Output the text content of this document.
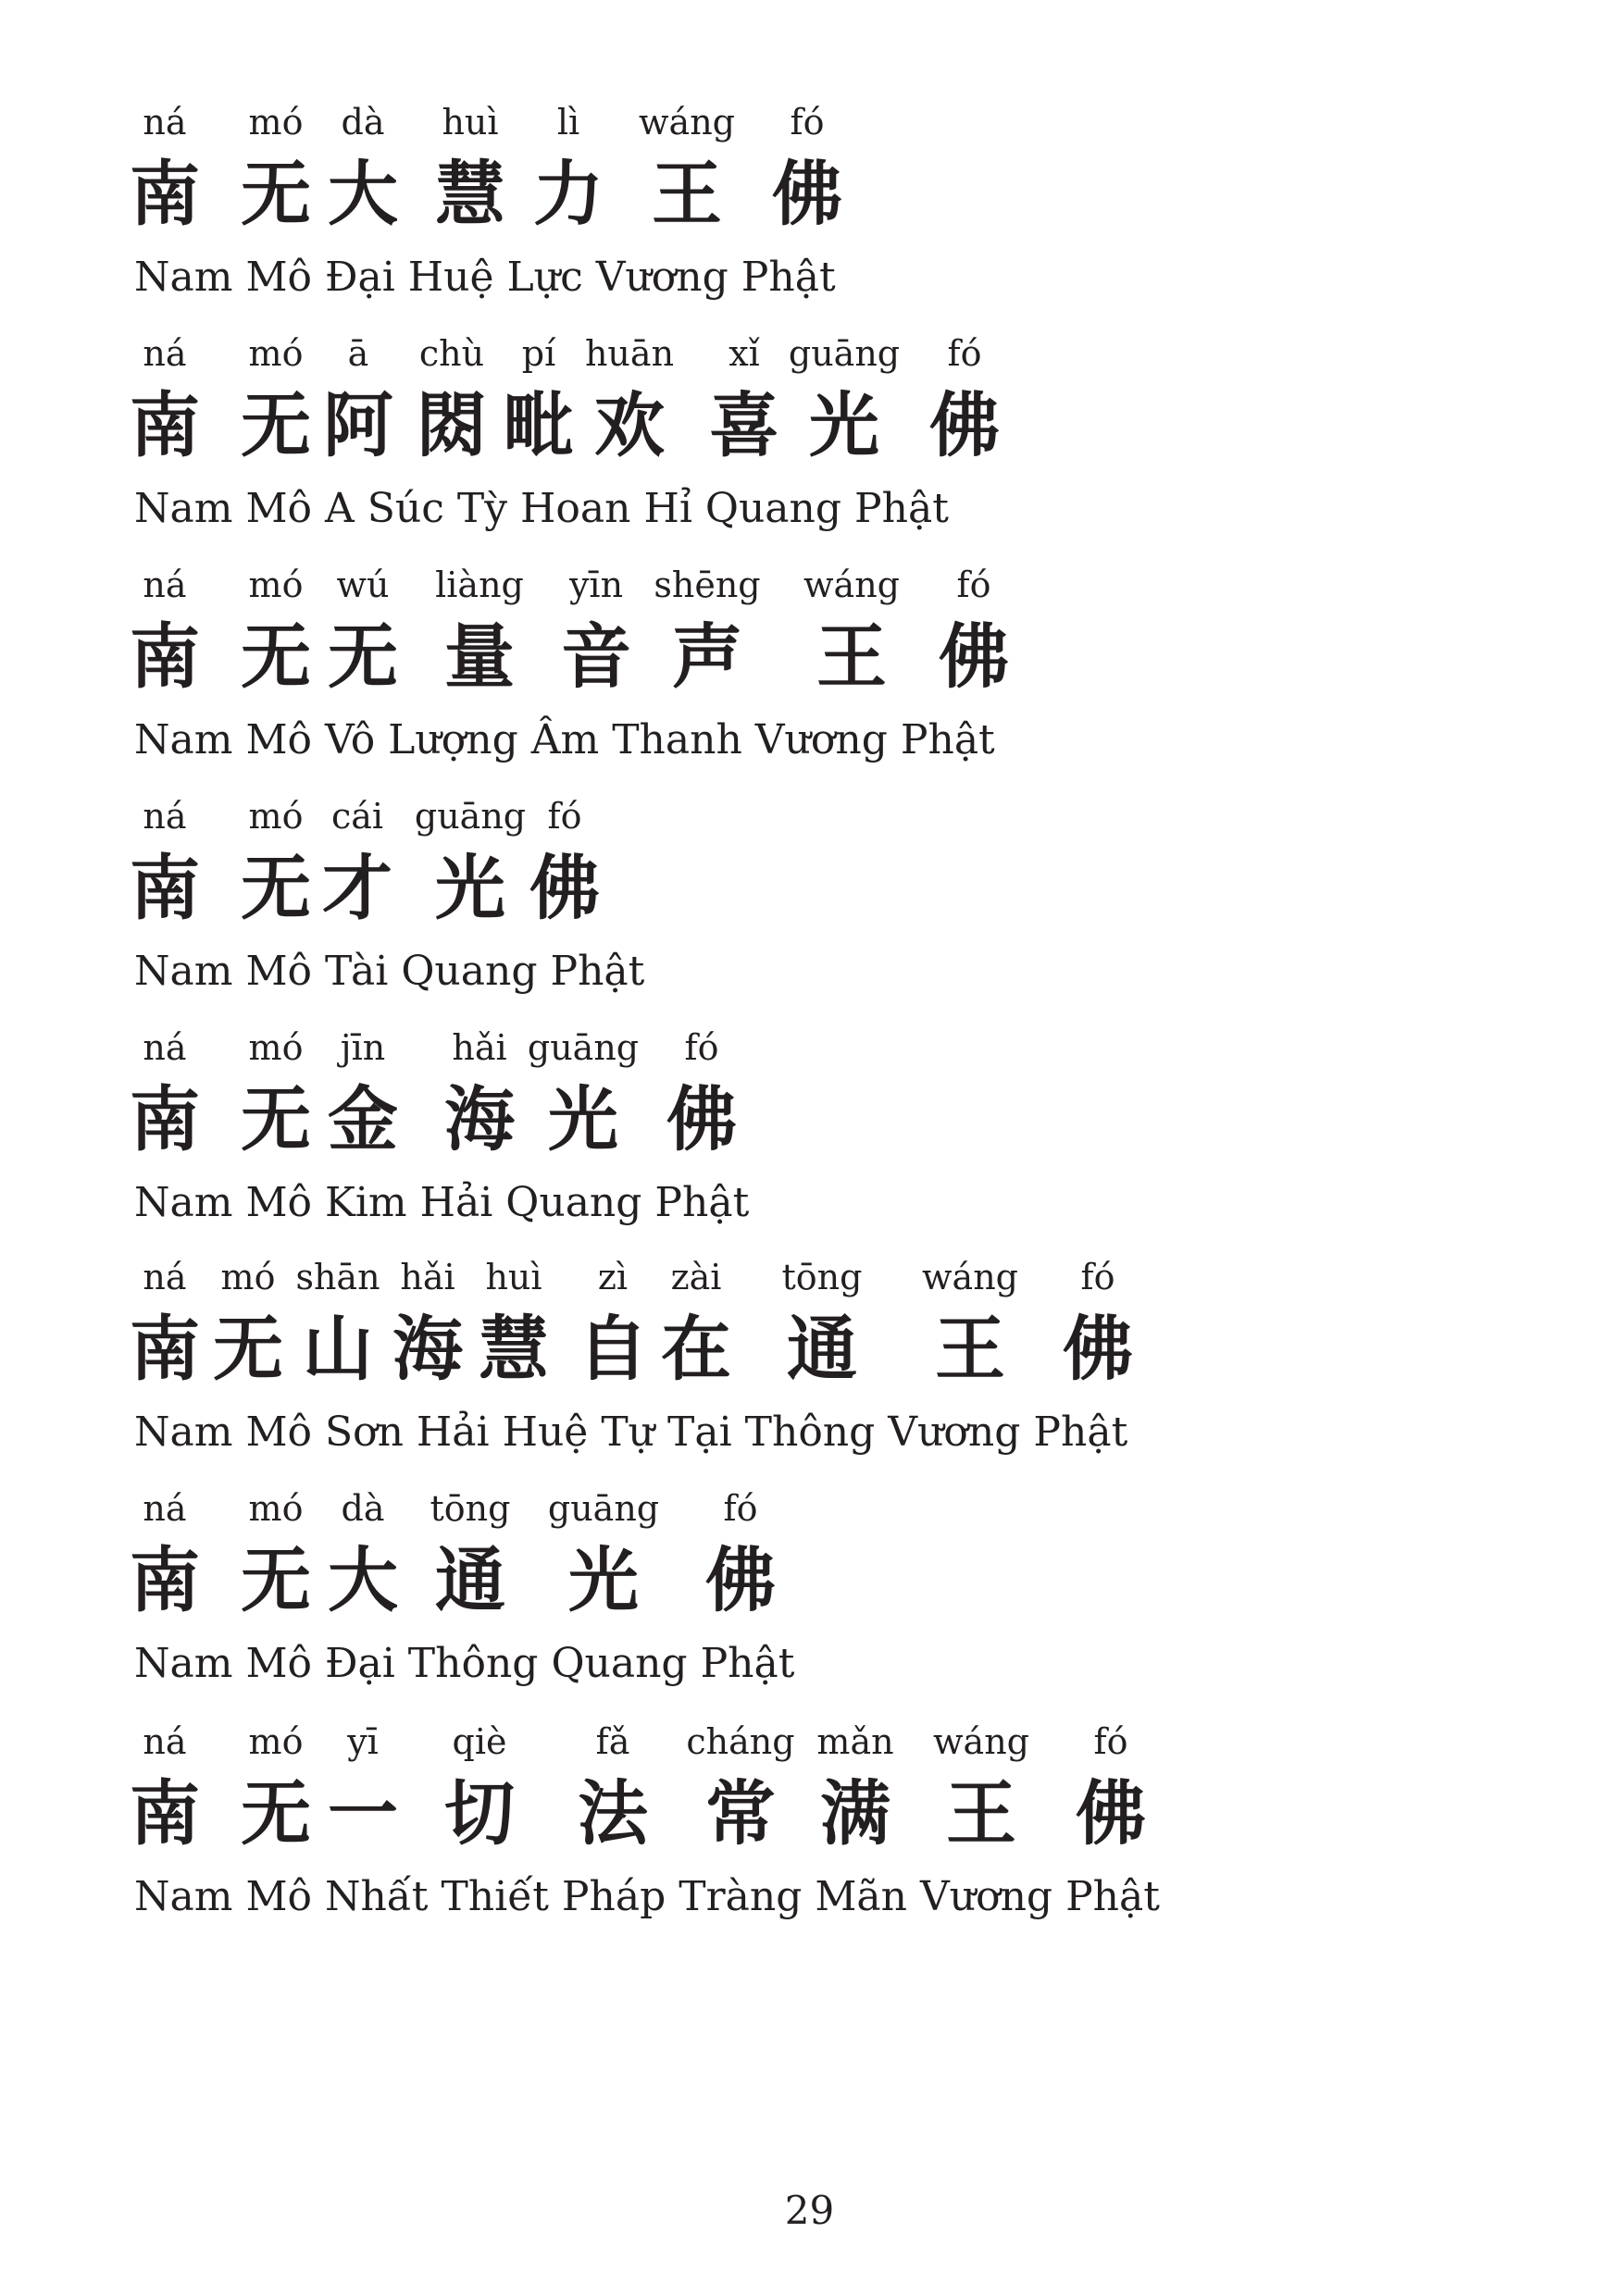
ná mó dà huì lì wáng fó
南 无 大 慧 力 王 佛
Nam Mô Đại Huệ Lực Vương Phật
ná mó ā chù pí huān xǐ guāng fó
南 无 阿 閦 毗 欢 喜 光 佛
Nam Mô A Súc Tỳ Hoan Hỉ Quang Phật
ná mó wú liàng yīn shēng wáng fó
南 无 无 量 音 声 王 佛
Nam Mô Vô Lượng Âm Thanh Vương Phật
ná mó cái guāng fó
南 无 才 光 佛
Nam Mô Tài Quang Phật
ná mó jīn hǎi guāng fó
南 无 金 海 光 佛
Nam Mô Kim Hải Quang Phật
ná mó shān hǎi huì zì zài tōng wáng fó
南 无 山 海 慧 自 在 通 王 佛
Nam Mô Sơn Hải Huệ Tự Tại Thông Vương Phật
ná mó dà tōng guāng fó
南 无 大 通 光 佛
Nam Mô Đại Thông Quang Phật
ná mó yī qiè	fǎ cháng mǎn wáng fó
南 无 一 切 法 常 满 王 佛
Nam Mô Nhất Thiết Pháp Tràng Mãn Vương Phật
29
